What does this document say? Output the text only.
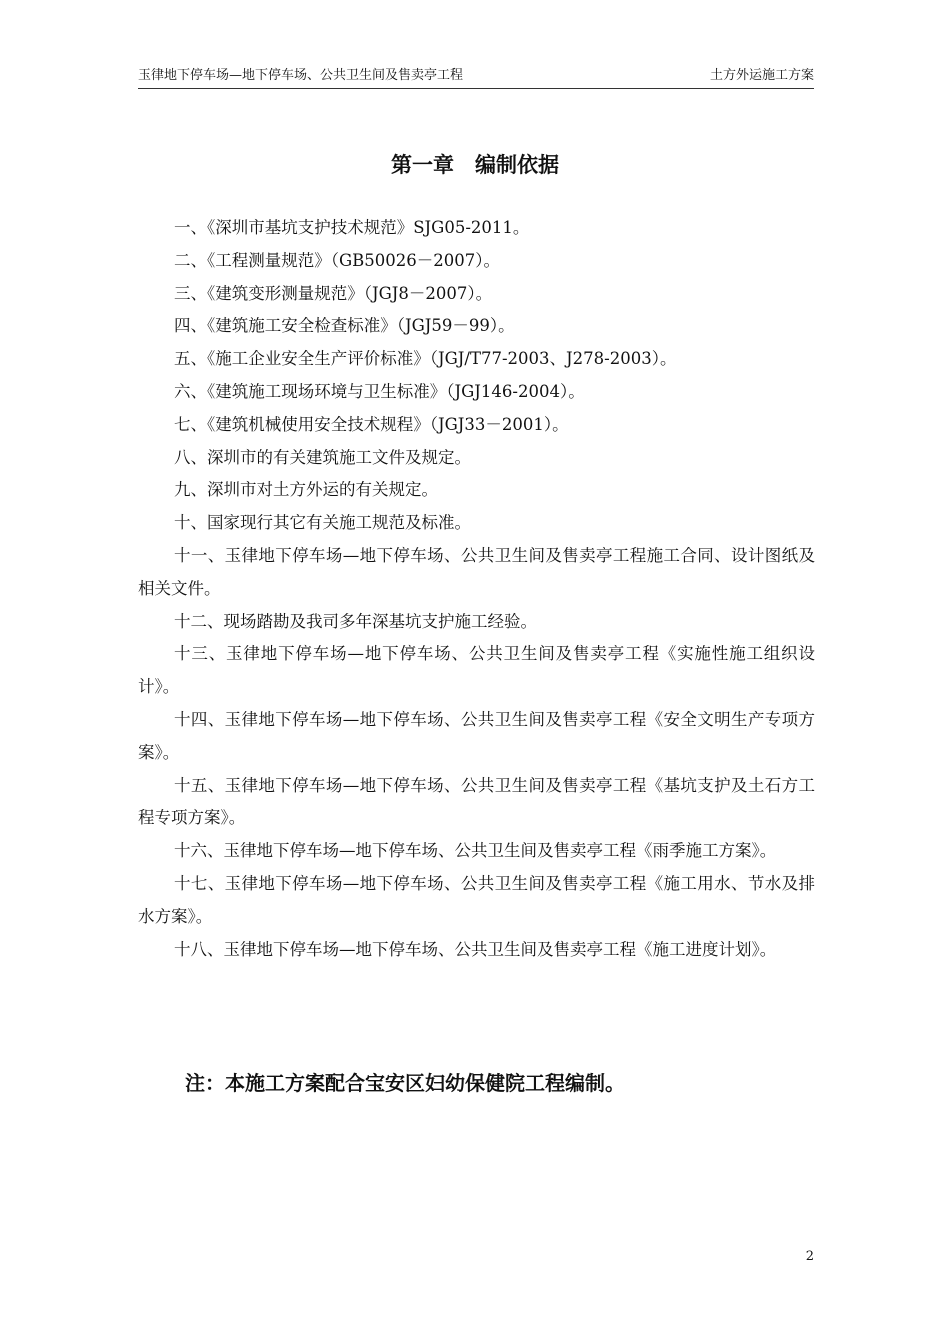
玉律地下停车场—地下停车场、公共卫生间及售卖亭工程	土方外运施工方案
第一章　编制依据
一、《深圳市基坑支护技术规范》SJG05-2011。
二、《工程测量规范》（GB50026－2007）。
三、《建筑变形测量规范》（JGJ8－2007）。
四、《建筑施工安全检查标准》（JGJ59－99）。
五、《施工企业安全生产评价标准》（JGJ/T77-2003、J278-2003）。
六、《建筑施工现场环境与卫生标准》（JGJ146-2004）。
七、《建筑机械使用安全技术规程》（JGJ33－2001）。
八、深圳市的有关建筑施工文件及规定。
九、深圳市对土方外运的有关规定。
十、国家现行其它有关施工规范及标准。
十一、玉律地下停车场—地下停车场、公共卫生间及售卖亭工程施工合同、设计图纸及相关文件。
十二、现场踏勘及我司多年深基坑支护施工经验。
十三、玉律地下停车场—地下停车场、公共卫生间及售卖亭工程《实施性施工组织设计》。
十四、玉律地下停车场—地下停车场、公共卫生间及售卖亭工程《安全文明生产专项方案》。
十五、玉律地下停车场—地下停车场、公共卫生间及售卖亭工程《基坑支护及土石方工程专项方案》。
十六、玉律地下停车场—地下停车场、公共卫生间及售卖亭工程《雨季施工方案》。
十七、玉律地下停车场—地下停车场、公共卫生间及售卖亭工程《施工用水、节水及排水方案》。
十八、玉律地下停车场—地下停车场、公共卫生间及售卖亭工程《施工进度计划》。
注：本施工方案配合宝安区妇幼保健院工程编制。
2
